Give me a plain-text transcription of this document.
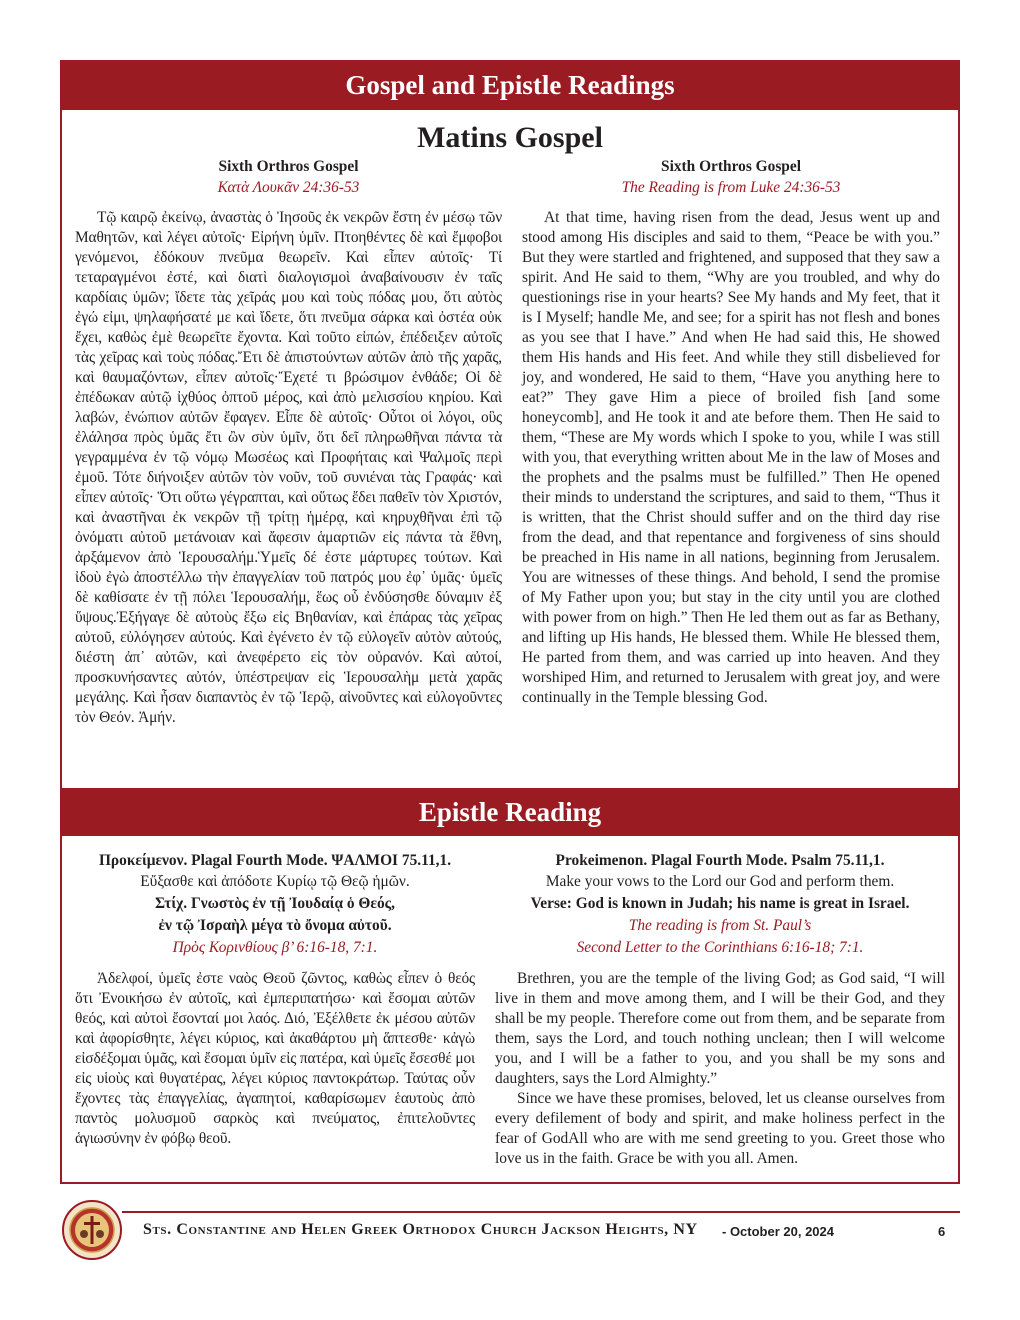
Gospel and Epistle Readings
Matins Gospel
Sixth Orthros Gospel
Κατὰ Λουκᾶν 24:36-53

Τῷ καιρῷ ἐκείνῳ, ἀναστὰς ὁ Ἰησοῦς ἐκ νεκρῶν ἔστη ἐν μέσῳ τῶν Μαθητῶν, καὶ λέγει αὐτοῖς· Εἰρήνη ὑμῖν. Πτοηθέντες δὲ καὶ ἔμφοβοι γενόμενοι, ἐδόκουν πνεῦμα θεωρεῖν. Καὶ εἶπεν αὐτοῖς· Τί τεταραγμένοι ἐστέ, καὶ διατὶ διαλογισμοὶ ἀναβαίνουσιν ἐν ταῖς καρδίαις ὑμῶν; ἴδετε τὰς χεῖράς μου καὶ τοὺς πόδας μου, ὅτι αὐτὸς ἐγώ εἰμι, ψηλαφήσατέ με καὶ ἴδετε, ὅτι πνεῦμα σάρκα καὶ ὀστέα οὐκ ἔχει, καθὼς ἐμὲ θεωρεῖτε ἔχοντα. Καὶ τοῦτο εἰπών, ἐπέδειξεν αὐτοῖς τὰς χεῖρας καὶ τοὺς πόδας.Ἔτι δὲ ἀπιστούντων αὐτῶν ἀπὸ τῆς χαρᾶς, καὶ θαυμαζόντων, εἶπεν αὐτοῖς·Ἔχετέ τι βρώσιμον ἐνθάδε; Οἱ δὲ ἐπέδωκαν αὐτῷ ἰχθύος ὀπτοῦ μέρος, καὶ ἀπὸ μελισσίου κηρίου. Καὶ λαβών, ἐνώπιον αὐτῶν ἔφαγεν. Εἶπε δὲ αὐτοῖς· Οὗτοι οἱ λόγοι, οὓς ἐλάλησα πρὸς ὑμᾶς ἔτι ὢν σὺν ὑμῖν, ὅτι δεῖ πληρωθῆναι πάντα τὰ γεγραμμένα ἐν τῷ νόμῳ Μωσέως καὶ Προφήταις καὶ Ψαλμοῖς περὶ ἐμοῦ. Τότε διήνοιξεν αὐτῶν τὸν νοῦν, τοῦ συνιέναι τὰς Γραφάς· καὶ εἶπεν αὐτοῖς· Ὅτι οὕτω γέγραπται, καὶ οὕτως ἔδει παθεῖν τὸν Χριστόν, καὶ ἀναστῆναι ἐκ νεκρῶν τῇ τρίτῃ ἡμέρᾳ, καὶ κηρυχθῆναι ἐπὶ τῷ ὀνόματι αὐτοῦ μετάνοιαν καὶ ἄφεσιν ἁμαρτιῶν εἰς πάντα τὰ ἔθνη, ἀρξάμενον ἀπὸ Ἱερουσαλήμ.Ὑμεῖς δέ ἐστε μάρτυρες τούτων. Καὶ ἰδοὺ ἐγὼ ἀποστέλλω τὴν ἐπαγγελίαν τοῦ πατρός μου ἐφ᾽ ὑμᾶς· ὑμεῖς δὲ καθίσατε ἐν τῇ πόλει Ἱερουσαλήμ, ἕως οὗ ἐνδύσησθε δύναμιν ἐξ ὕψους.Ἐξήγαγε δὲ αὐτοὺς ἔξω εἰς Βηθανίαν, καὶ ἐπάρας τὰς χεῖρας αὐτοῦ, εὐλόγησεν αὐτούς. Καὶ ἐγένετο ἐν τῷ εὐλογεῖν αὐτὸν αὐτούς, διέστη ἀπ᾽ αὐτῶν, καὶ ἀνεφέρετο εἰς τὸν οὐρανόν. Καὶ αὐτοί, προσκυνήσαντες αὐτόν, ὑπέστρεψαν εἰς Ἱερουσαλὴμ μετὰ χαρᾶς μεγάλης. Καὶ ἦσαν διαπαντὸς ἐν τῷ Ἱερῷ, αἰνοῦντες καὶ εὐλογοῦντες τὸν Θεόν. Ἀμήν.

Sixth Orthros Gospel
The Reading is from Luke 24:36-53

At that time, having risen from the dead, Jesus went up and stood among His disciples and said to them, “Peace be with you.” But they were startled and frightened, and supposed that they saw a spirit. And He said to them, “Why are you troubled, and why do questionings rise in your hearts? See My hands and My feet, that it is I Myself; handle Me, and see; for a spirit has not flesh and bones as you see that I have.” And when He had said this, He showed them His hands and His feet. And while they still disbelieved for joy, and wondered, He said to them, “Have you anything here to eat?” They gave Him a piece of broiled fish [and some honeycomb], and He took it and ate before them. Then He said to them, “These are My words which I spoke to you, while I was still with you, that everything written about Me in the law of Moses and the prophets and the psalms must be fulfilled.” Then He opened their minds to understand the scriptures, and said to them, “Thus it is written, that the Christ should suffer and on the third day rise from the dead, and that repentance and forgiveness of sins should be preached in His name in all nations, beginning from Jerusalem. You are witnesses of these things. And behold, I send the promise of My Father upon you; but stay in the city until you are clothed with power from on high.” Then He led them out as far as Bethany, and lifting up His hands, He blessed them. While He blessed them, He parted from them, and was carried up into heaven. And they worshiped Him, and returned to Jerusalem with great joy, and were continually in the Temple blessing God.

Epistle Reading
Προκείμενον. Plagal Fourth Mode. ΨΑΛΜΟΙ 75.11,1.
Εὔξασθε καὶ ἀπόδοτε Κυρίῳ τῷ Θεῷ ἡμῶν.
Στίχ. Γνωστὸς ἐν τῇ Ἰουδαίᾳ ὁ Θεός,
ἐν τῷ Ἰσραὴλ μέγα τὸ ὄνομα αὐτοῦ.
Πρὸς Κορινθίους β’ 6:16-18, 7:1.

Ἀδελφοί, ὑμεῖς ἐστε ναὸς Θεοῦ ζῶντος, καθὼς εἶπεν ὁ θεός ὅτι Ἐνοικήσω ἐν αὐτοῖς, καὶ ἐμπεριπατήσω· καὶ ἔσομαι αὐτῶν θεός, καὶ αὐτοὶ ἔσονταί μοι λαός. Διό, Ἐξέλθετε ἐκ μέσου αὐτῶν καὶ ἀφορίσθητε, λέγει κύριος, καὶ ἀκαθάρτου μὴ ἅπτεσθε· κἀγὼ εἰσδέξομαι ὑμᾶς, καὶ ἔσομαι ὑμῖν εἰς πατέρα, καὶ ὑμεῖς ἔσεσθέ μοι εἰς υἱοὺς καὶ θυγατέρας, λέγει κύριος παντοκράτωρ. Ταύτας οὖν ἔχοντες τὰς ἐπαγγελίας, ἀγαπητοί, καθαρίσωμεν ἑαυτοὺς ἀπὸ παντὸς μολυσμοῦ σαρκὸς καὶ πνεύματος, ἐπιτελοῦντες ἁγιωσύνην ἐν φόβῳ θεοῦ.

Prokeimenon. Plagal Fourth Mode. Psalm 75.11,1.
Make your vows to the Lord our God and perform them.
Verse: God is known in Judah; his name is great in Israel.
The reading is from St. Paul’s
Second Letter to the Corinthians 6:16-18; 7:1.

Brethren, you are the temple of the living God; as God said, “I will live in them and move among them, and I will be their God, and they shall be my people. Therefore come out from them, and be separate from them, says the Lord, and touch nothing unclean; then I will welcome you, and I will be a father to you, and you shall be my sons and daughters, says the Lord Almighty.”

Since we have these promises, beloved, let us cleanse ourselves from every defilement of body and spirit, and make holiness perfect in the fear of GodAll who are with me send greeting to you. Greet those who love us in the faith. Grace be with you all. Amen.

Sts. Constantine and Helen Greek Orthodox Church Jackson Heights, NY - October 20, 2024	6
